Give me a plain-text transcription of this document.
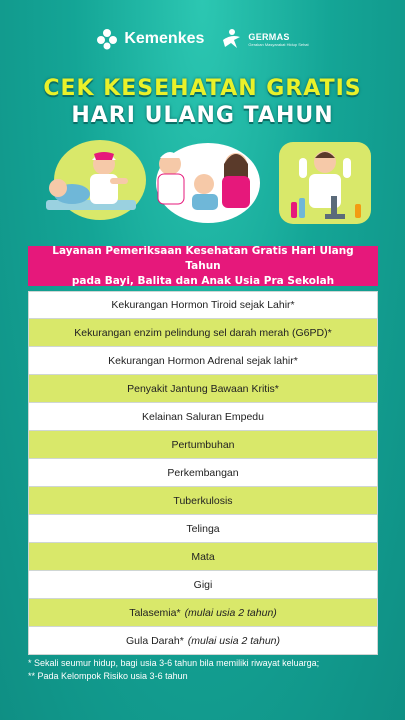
Kemenkes	GERMAS
Gerakan Masyarakat Hidup Sehat
CEK KESEHATAN GRATIS
HARI ULANG TAHUN
Layanan Pemeriksaan Kesehatan Gratis Hari Ulang Tahun
pada Bayi, Balita dan Anak Usia Pra Sekolah
Kekurangan Hormon Tiroid sejak Lahir*
Kekurangan enzim pelindung sel darah merah (G6PD)*
Kekurangan Hormon Adrenal sejak lahir*
Penyakit Jantung Bawaan Kritis*
Kelainan Saluran Empedu
Pertumbuhan
Perkembangan
Tuberkulosis
Telinga
Mata
Gigi
Talasemia* (mulai usia 2 tahun)
Gula Darah* (mulai usia 2 tahun)
* Sekali seumur hidup, bagi usia 3-6 tahun bila memiliki riwayat keluarga;
** Pada Kelompok Risiko usia 3-6 tahun
